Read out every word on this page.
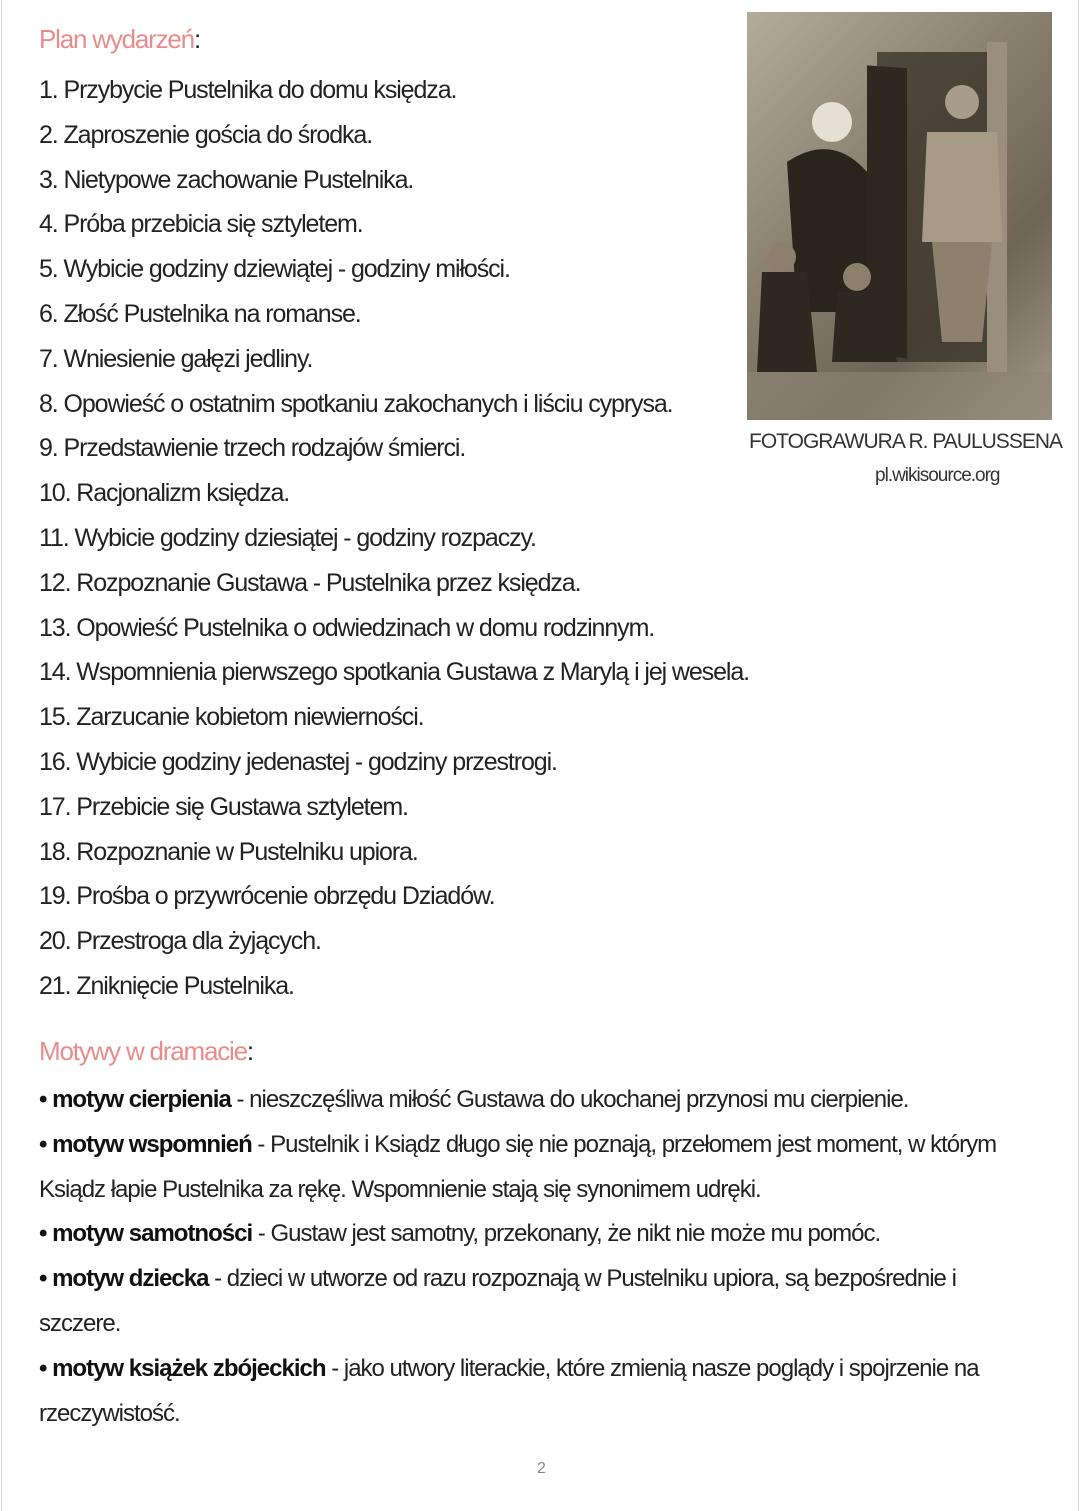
Plan wydarzeń:
1. Przybycie Pustelnika do domu księdza.
2. Zaproszenie gościa do środka.
3. Nietypowe zachowanie Pustelnika.
4. Próba przebicia się sztyletem.
5. Wybicie godziny dziewiątej - godziny miłości.
6. Złość Pustelnika na romanse.
7. Wniesienie gałęzi jedliny.
8. Opowieść o ostatnim spotkaniu zakochanych i liściu cyprysa.
9. Przedstawienie trzech rodzajów śmierci.
10. Racjonalizm księdza.
11. Wybicie godziny dziesiątej - godziny rozpaczy.
12. Rozpoznanie Gustawa - Pustelnika przez księdza.
13. Opowieść Pustelnika o odwiedzinach w domu rodzinnym.
14. Wspomnienia pierwszego spotkania Gustawa z Marylą i jej wesela.
15. Zarzucanie kobietom niewierności.
16. Wybicie godziny jedenastej - godziny przestrogi.
17. Przebicie się Gustawa sztyletem.
18. Rozpoznanie w Pustelniku upiora.
19. Prośba o przywrócenie obrzędu Dziadów.
20. Przestroga dla żyjących.
21. Zniknięcie Pustelnika.
FOTOGRAWURA R. PAULUSSENA
pl.wikisource.org
Motywy w dramacie:

• motyw cierpienia - nieszczęśliwa miłość Gustawa do ukochanej przynosi mu cierpienie.

• motyw wspomnień - Pustelnik i Ksiądz długo się nie poznają, przełomem jest moment, w którym Ksiądz łapie Pustelnika za rękę. Wspomnienie stają się synonimem udręki.

• motyw samotności - Gustaw jest samotny, przekonany, że nikt nie może mu pomóc.

• motyw dziecka - dzieci w utworze od razu rozpoznają w Pustelniku upiora, są bezpośrednie i szczere.

• motyw książek zbójeckich - jako utwory literackie, które zmienią nasze poglądy i spojrzenie na rzeczywistość.

2
